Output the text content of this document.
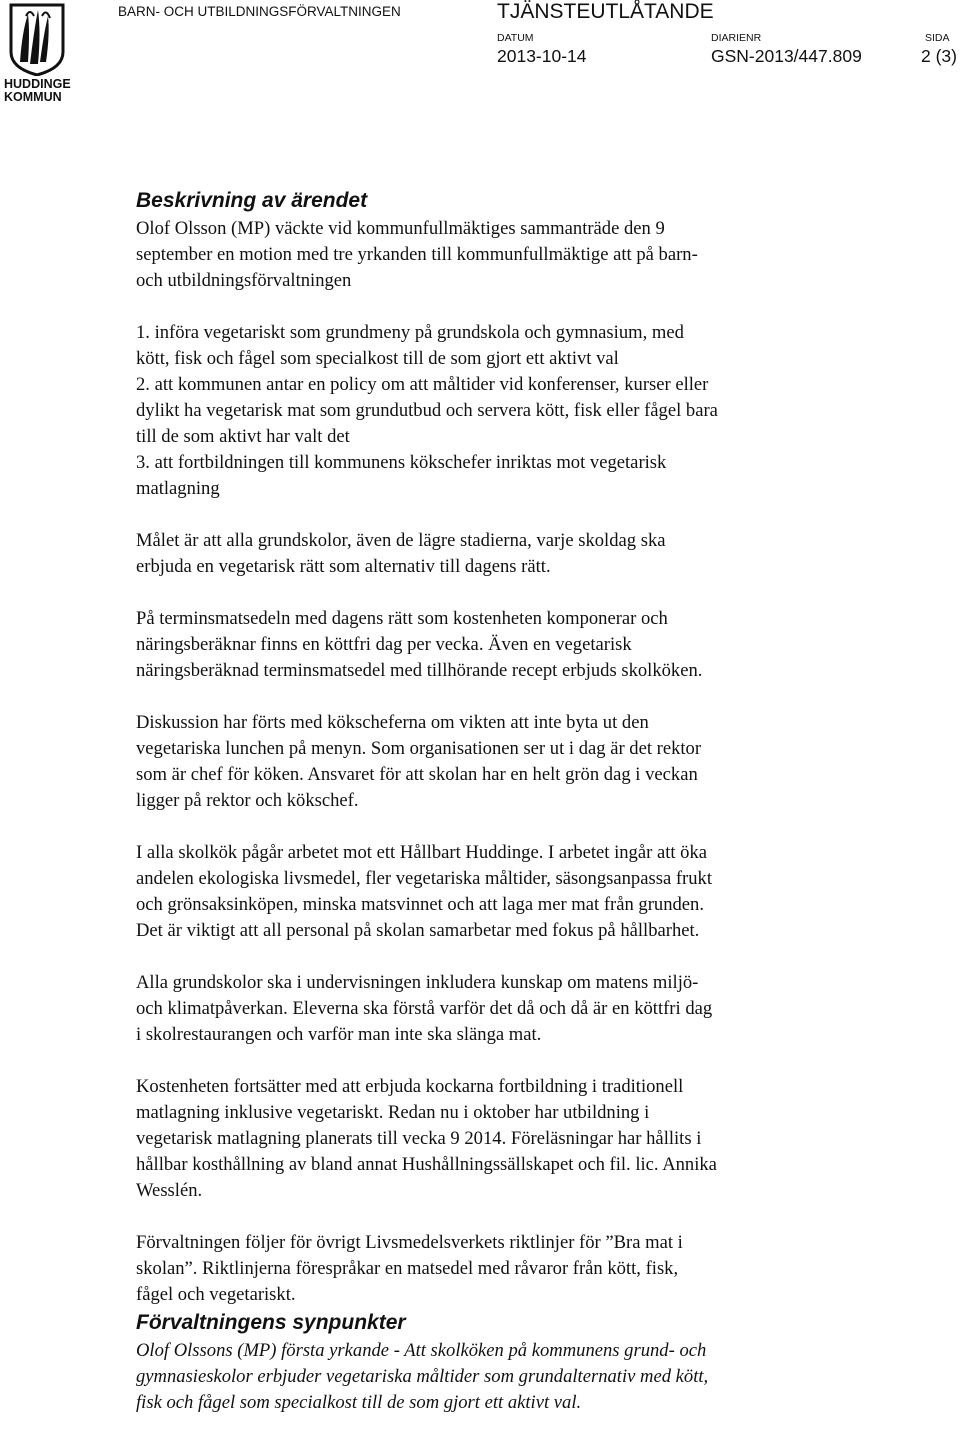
HUDDINGE KOMMUN
BARN- OCH UTBILDNINGSFÖRVALTNINGEN	TJÄNSTEUTLÅTANDE
DATUM
2013-10-14
DIARIENR
GSN-2013/447.809
SIDA
2 (3)
Beskrivning av ärendet

Olof Olsson (MP) väckte vid kommunfullmäktiges sammanträde den 9

september en motion med tre yrkanden till kommunfullmäktige att på barn-

och utbildningsförvaltningen

1. införa vegetariskt som grundmeny på grundskola och gymnasium, med

kött, fisk och fågel som specialkost till de som gjort ett aktivt val

2. att kommunen antar en policy om att måltider vid konferenser, kurser eller

dylikt ha vegetarisk mat som grundutbud och servera kött, fisk eller fågel bara

till de som aktivt har valt det

3. att fortbildningen till kommunens kökschefer inriktas mot vegetarisk

matlagning

Målet är att alla grundskolor, även de lägre stadierna, varje skoldag ska

erbjuda en vegetarisk rätt som alternativ till dagens rätt.

På terminsmatsedeln med dagens rätt som kostenheten komponerar och

näringsberäknar finns en köttfri dag per vecka. Även en vegetarisk

näringsberäknad terminsmatsedel med tillhörande recept erbjuds skolköken.

Diskussion har förts med kökscheferna om vikten att inte byta ut den

vegetariska lunchen på menyn. Som organisationen ser ut i dag är det rektor

som är chef för köken. Ansvaret för att skolan har en helt grön dag i veckan

ligger på rektor och kökschef.

I alla skolkök pågår arbetet mot ett Hållbart Huddinge. I arbetet ingår att öka

andelen ekologiska livsmedel, fler vegetariska måltider, säsongsanpassa frukt

och grönsaksinköpen, minska matsvinnet och att laga mer mat från grunden.

Det är viktigt att all personal på skolan samarbetar med fokus på hållbarhet.

Alla grundskolor ska i undervisningen inkludera kunskap om matens miljö-

och klimatpåverkan. Eleverna ska förstå varför det då och då är en köttfri dag

i skolrestaurangen och varför man inte ska slänga mat.

Kostenheten fortsätter med att erbjuda kockarna fortbildning i traditionell

matlagning inklusive vegetariskt. Redan nu i oktober har utbildning i

vegetarisk matlagning planerats till vecka 9 2014. Föreläsningar har hållits i

hållbar kosthållning av bland annat Hushållningssällskapet och fil. lic. Annika

Wesslén.

Förvaltningen följer för övrigt Livsmedelsverkets riktlinjer för ”Bra mat i

skolan”. Riktlinjerna förespråkar en matsedel med råvaror från kött, fisk,

fågel och vegetariskt.

Förvaltningens synpunkter

Olof Olssons (MP) första yrkande - Att skolköken på kommunens grund- och

gymnasieskolor erbjuder vegetariska måltider som grundalternativ med kött,

fisk och fågel som specialkost till de som gjort ett aktivt val.
